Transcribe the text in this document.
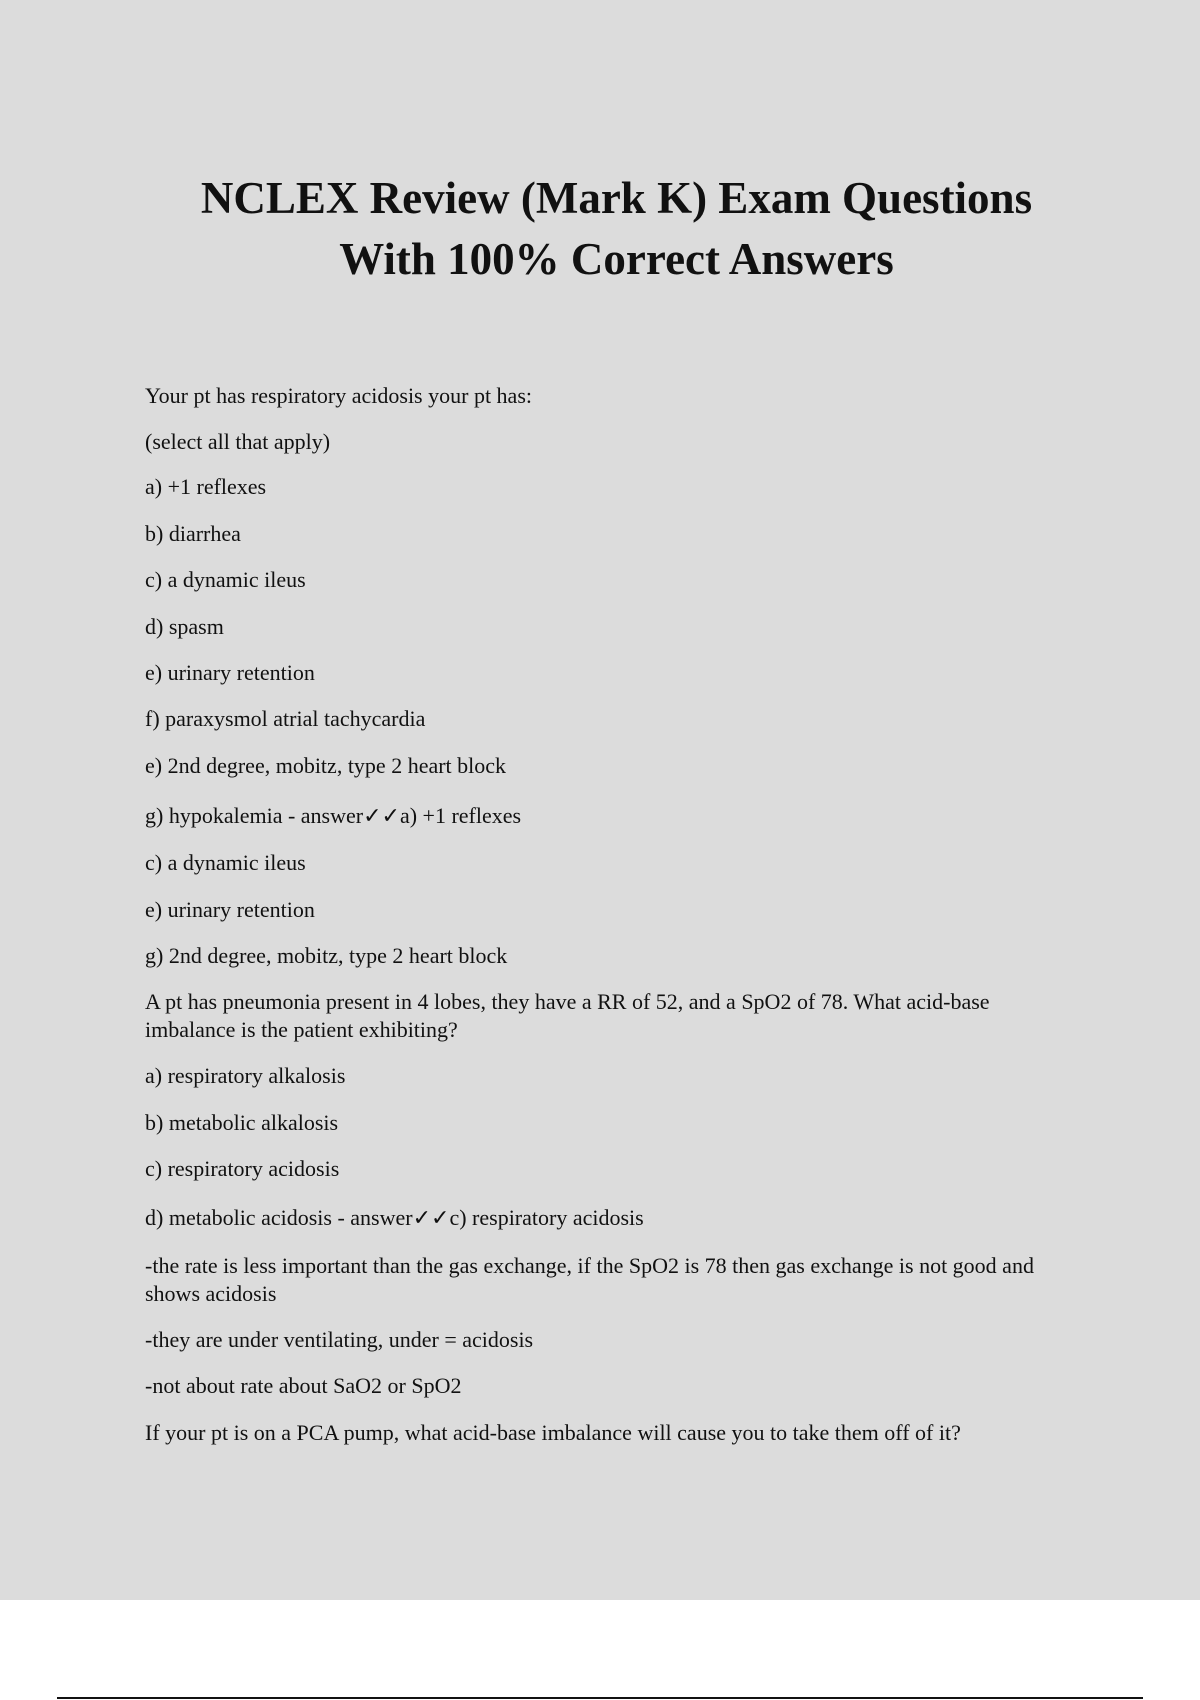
NCLEX Review (Mark K) Exam Questions
With 100% Correct Answers
Your pt has respiratory acidosis your pt has:
(select all that apply)
a) +1 reflexes
b) diarrhea
c) a dynamic ileus
d) spasm
e) urinary retention
f) paraxysmol atrial tachycardia
e) 2nd degree, mobitz, type 2 heart block
g) hypokalemia - answer✓✓a) +1 reflexes
c) a dynamic ileus
e) urinary retention
g) 2nd degree, mobitz, type 2 heart block
A pt has pneumonia present in 4 lobes, they have a RR of 52, and a SpO2 of 78. What acid-base imbalance is the patient exhibiting?
a) respiratory alkalosis
b) metabolic alkalosis
c) respiratory acidosis
d) metabolic acidosis - answer✓✓c) respiratory acidosis
-the rate is less important than the gas exchange, if the SpO2 is 78 then gas exchange is not good and shows acidosis
-they are under ventilating, under = acidosis
-not about rate about SaO2 or SpO2
If your pt is on a PCA pump, what acid-base imbalance will cause you to take them off of it?
